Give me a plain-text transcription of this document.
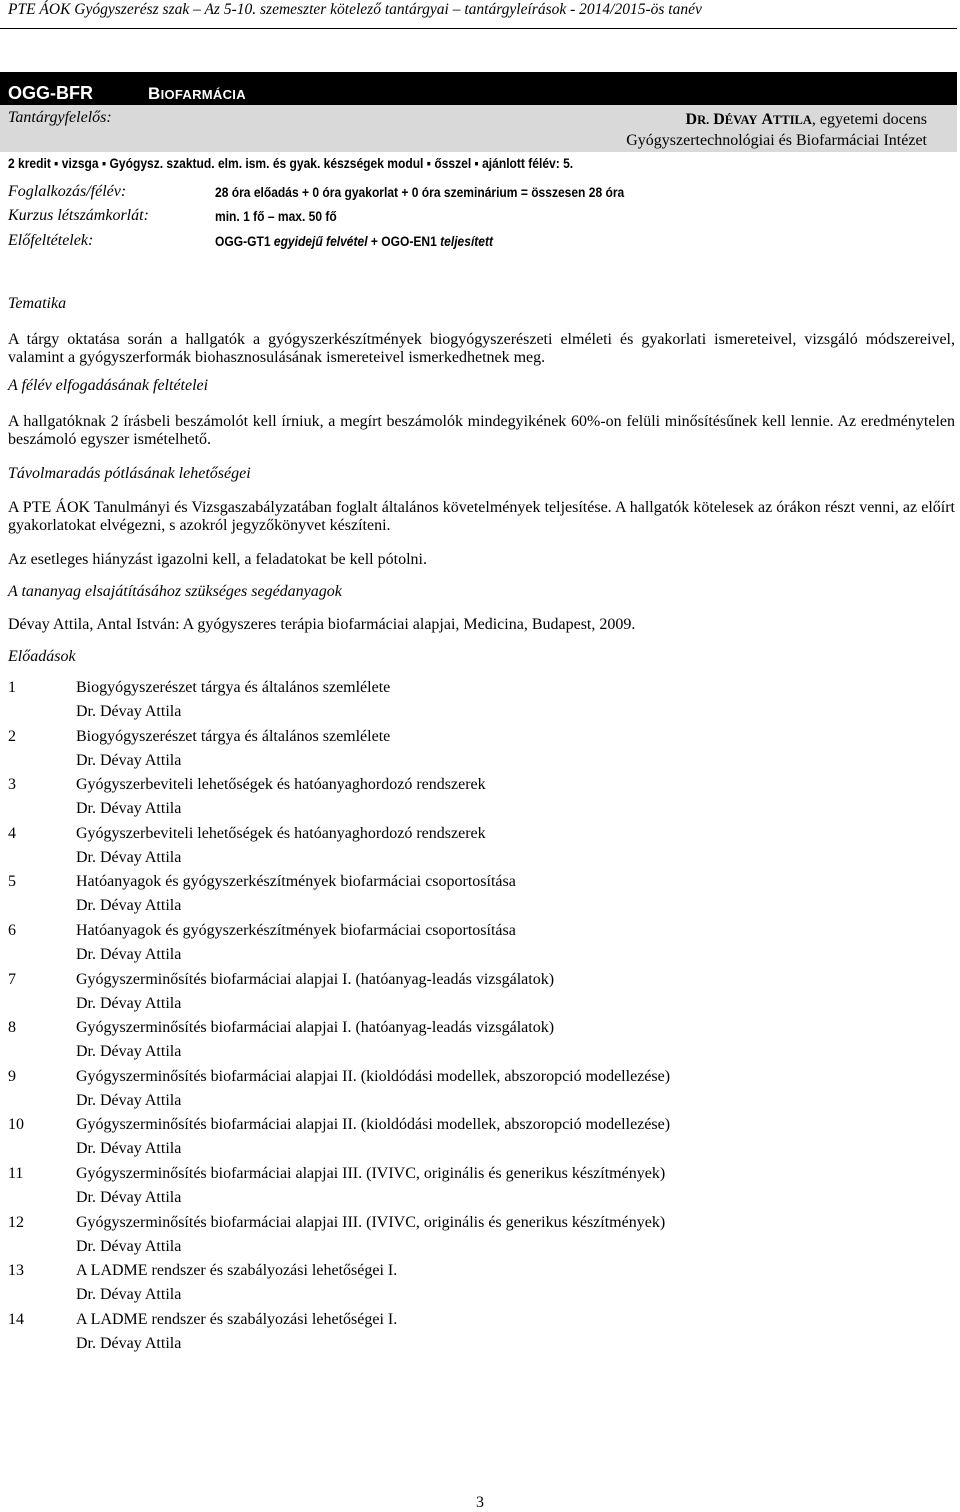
PTE ÁOK Gyógyszerész szak – Az 5-10. szemeszter kötelező tantárgyai – tantárgyleírások - 2014/2015-ös tanév
OGG-BFR	BIOFARMÁCIA
Tantárgyfelelős:	DR. DÉVAY ATTILA, egyetemi docens
Gyógyszertechnológiai és Biofarmáciai Intézet
2 kredit ▪ vizsga ▪ Gyógysz. szaktud. elm. ism. és gyak. készségek modul ▪ ősszel ▪ ajánlott félév: 5.
Foglalkozás/félév:	28 óra előadás + 0 óra gyakorlat + 0 óra szeminárium = összesen 28 óra
Kurzus létszámkorlát:	min. 1 fő – max. 50 fő
Előfeltételek:	OGG-GT1 egyidejű felvétel + OGO-EN1 teljesített
Tematika
A tárgy oktatása során a hallgatók a gyógyszerkészítmények biogyógyszerészeti elméleti és gyakorlati ismereteivel, vizsgáló módszereivel, valamint a gyógyszerformák biohasznosulásának ismereteivel ismerkedhetnek meg.
A félév elfogadásának feltételei
A hallgatóknak 2 írásbeli beszámolót kell írniuk, a megírt beszámolók mindegyikének 60%-on felüli minősítésűnek kell lennie. Az eredménytelen beszámoló egyszer ismételhető.
Távolmaradás pótlásának lehetőségei
A PTE ÁOK Tanulmányi és Vizsgaszabályzatában foglalt általános követelmények teljesítése. A hallgatók kötelesek az órákon részt venni, az előírt gyakorlatokat elvégezni, s azokról jegyzőkönyvet készíteni.
Az esetleges hiányzást igazolni kell, a feladatokat be kell pótolni.
A tananyag elsajátításához szükséges segédanyagok
Dévay Attila, Antal István: A gyógyszeres terápia biofarmáciai alapjai, Medicina, Budapest, 2009.
Előadások
1	Biogyógyszerészet tárgya és általános szemlélete
Dr. Dévay Attila
2	Biogyógyszerészet tárgya és általános szemlélete
Dr. Dévay Attila
3	Gyógyszerbeviteli lehetőségek és hatóanyaghordozó rendszerek
Dr. Dévay Attila
4	Gyógyszerbeviteli lehetőségek és hatóanyaghordozó rendszerek
Dr. Dévay Attila
5	Hatóanyagok és gyógyszerkészítmények biofarmáciai csoportosítása
Dr. Dévay Attila
6	Hatóanyagok és gyógyszerkészítmények biofarmáciai csoportosítása
Dr. Dévay Attila
7	Gyógyszerminősítés biofarmáciai alapjai I. (hatóanyag-leadás vizsgálatok)
Dr. Dévay Attila
8	Gyógyszerminősítés biofarmáciai alapjai I. (hatóanyag-leadás vizsgálatok)
Dr. Dévay Attila
9	Gyógyszerminősítés biofarmáciai alapjai II. (kioldódási modellek, abszoropció modellezése)
Dr. Dévay Attila
10	Gyógyszerminősítés biofarmáciai alapjai II. (kioldódási modellek, abszoropció modellezése)
Dr. Dévay Attila
11	Gyógyszerminősítés biofarmáciai alapjai III. (IVIVC, originális és generikus készítmények)
Dr. Dévay Attila
12	Gyógyszerminősítés biofarmáciai alapjai III. (IVIVC, originális és generikus készítmények)
Dr. Dévay Attila
13	A LADME rendszer és szabályozási lehetőségei I.
Dr. Dévay Attila
14	A LADME rendszer és szabályozási lehetőségei I.
Dr. Dévay Attila
3
